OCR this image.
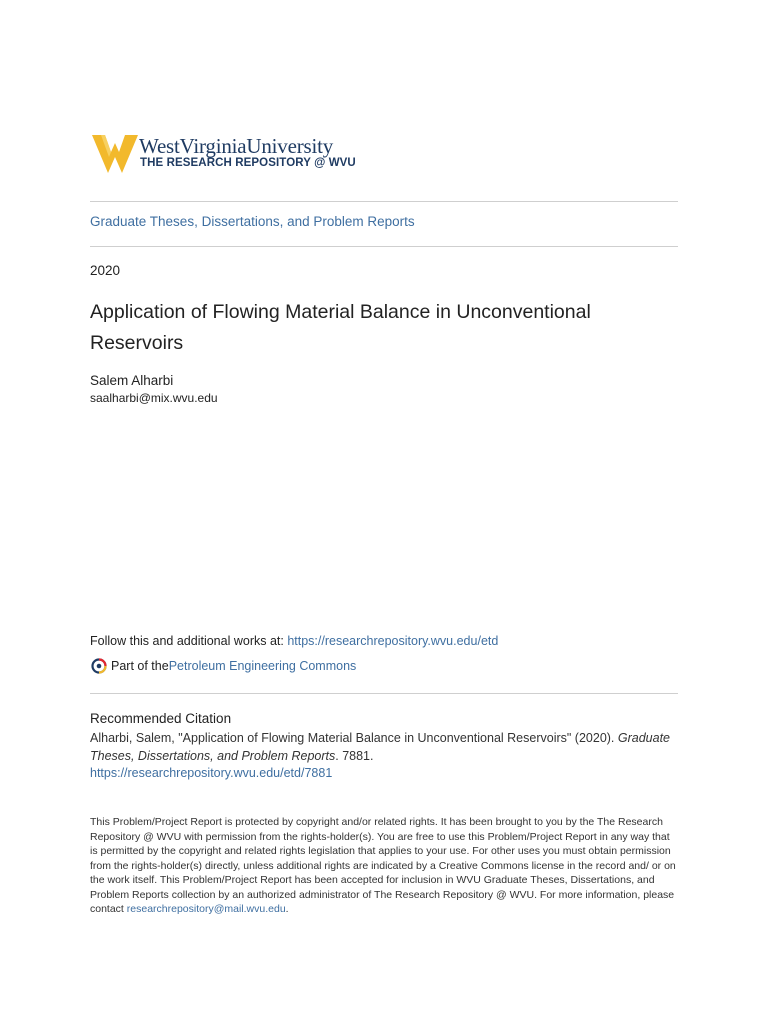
WestVirginiaUniversity
THE RESEARCH REPOSITORY @ WVU
Graduate Theses, Dissertations, and Problem Reports
2020
Application of Flowing Material Balance in Unconventional Reservoirs
Salem Alharbi
saalharbi@mix.wvu.edu
Follow this and additional works at: https://researchrepository.wvu.edu/etd
Part of the Petroleum Engineering Commons
Recommended Citation
Alharbi, Salem, "Application of Flowing Material Balance in Unconventional Reservoirs" (2020). Graduate Theses, Dissertations, and Problem Reports. 7881.
https://researchrepository.wvu.edu/etd/7881
This Problem/Project Report is protected by copyright and/or related rights. It has been brought to you by the The Research Repository @ WVU with permission from the rights-holder(s). You are free to use this Problem/Project Report in any way that is permitted by the copyright and related rights legislation that applies to your use. For other uses you must obtain permission from the rights-holder(s) directly, unless additional rights are indicated by a Creative Commons license in the record and/ or on the work itself. This Problem/Project Report has been accepted for inclusion in WVU Graduate Theses, Dissertations, and Problem Reports collection by an authorized administrator of The Research Repository @ WVU. For more information, please contact researchrepository@mail.wvu.edu.
